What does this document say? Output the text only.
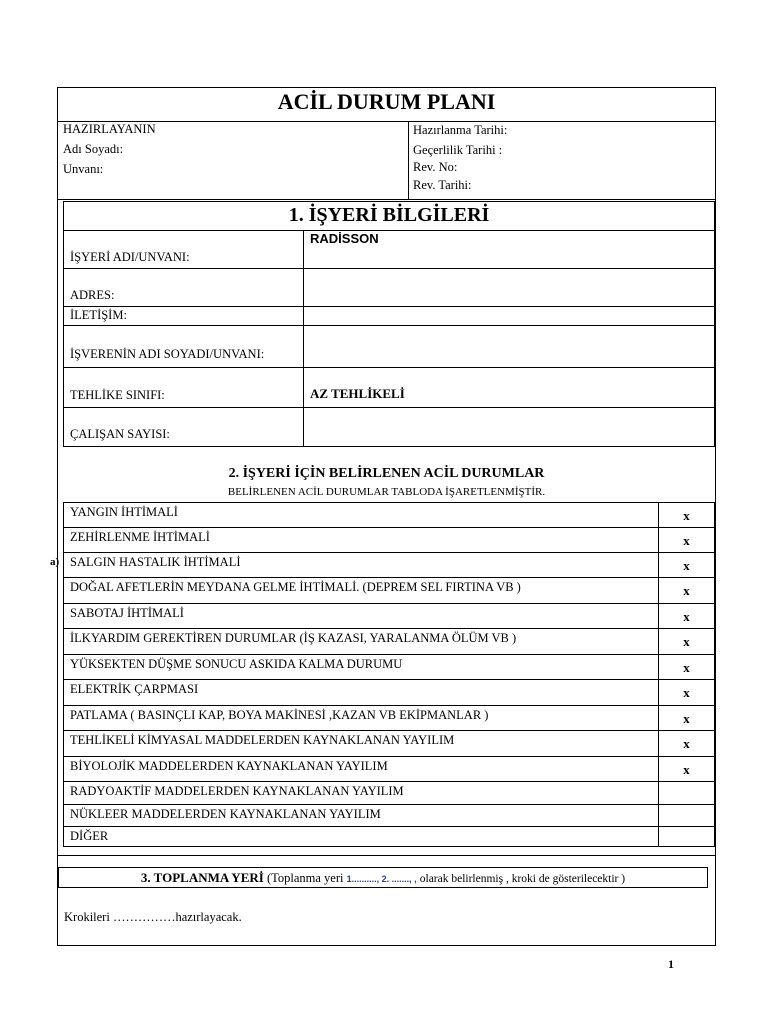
ACİL DURUM PLANI
HAZIRLAYANIN
Adı Soyadı:
Unvanı:
Hazırlanma Tarihi:
Geçerlilik Tarihi :
Rev. No:
Rev. Tarihi:
1. İŞYERİ BİLGİLERİ
İŞYERİ ADI/UNVANI:
RADİSSON
ADRES:
İLETİŞİM:
İŞVERENİN ADI SOYADI/UNVANI:
TEHLİKE SINIFI:	AZ TEHLİKELİ
ÇALIŞAN SAYISI:
2. İŞYERİ İÇİN BELİRLENEN ACİL DURUMLAR
BELİRLENEN ACİL DURUMLAR TABLODA İŞARETLENMİŞTİR.
a)
YANGIN İHTİMALİ	x
ZEHİRLENME İHTİMALİ	x
SALGIN HASTALIK İHTİMALİ	x
DOĞAL AFETLERİN MEYDANA GELME İHTİMALİ. (DEPREM SEL FIRTINA VB )	x
SABOTAJ İHTİMALİ	x
İLKYARDIM GEREKTİREN DURUMLAR (İŞ KAZASI, YARALANMA ÖLÜM VB )	x
YÜKSEKTEN DÜŞME SONUCU ASKIDA KALMA DURUMU	x
ELEKTRİK ÇARPMASI	x
PATLAMA ( BASINÇLI KAP, BOYA MAKİNESİ ,KAZAN VB EKİPMANLAR )	x
TEHLİKELİ KİMYASAL MADDELERDEN KAYNAKLANAN YAYILIM	x
BİYOLOJİK MADDELERDEN KAYNAKLANAN YAYILIM	x
RADYOAKTİF MADDELERDEN KAYNAKLANAN YAYILIM
NÜKLEER MADDELERDEN KAYNAKLANAN YAYILIM
DİĞER
3. TOPLANMA YERİ (Toplanma yeri 1.........., 2. ......., , olarak belirlenmiş , kroki de gösterilecektir )
Krokileri ……………hazırlayacak.
1
